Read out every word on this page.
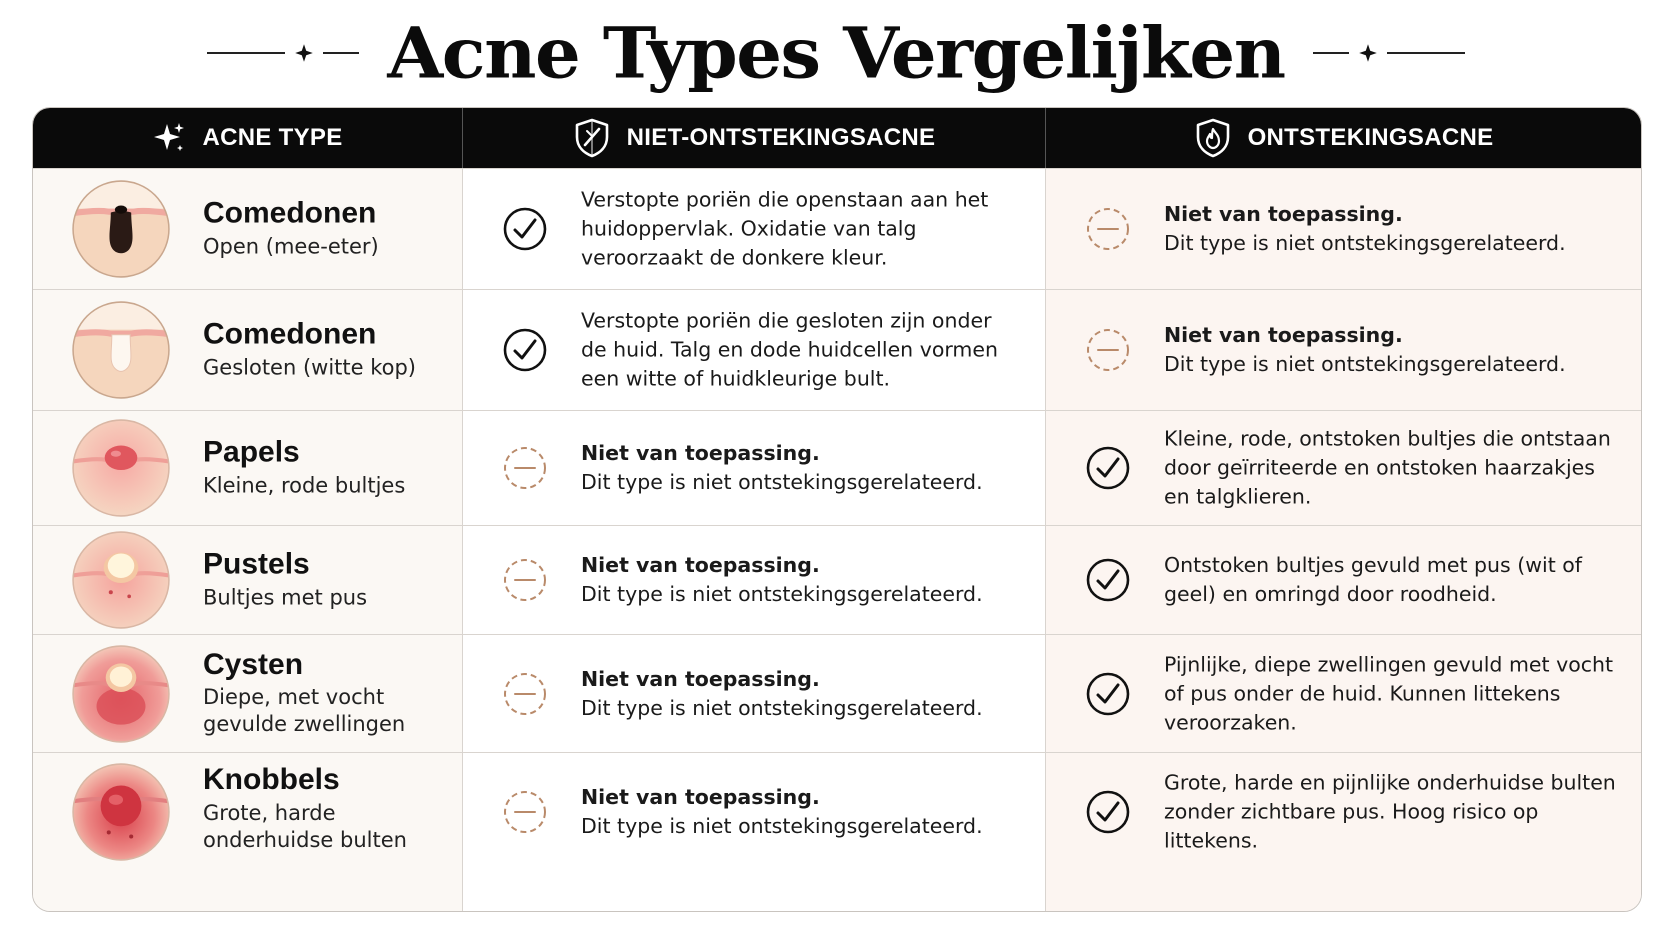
Acne Types Vergelijken
ACNE TYPE	NIET-ONTSTEKINGSACNE	ONTSTEKINGSACNE
Comedonen
Open (mee-eter)
Verstopte poriën die openstaan aan het huidoppervlak. Oxidatie van talg veroorzaakt de donkere kleur.
Niet van toepassing.
Dit type is niet ontstekingsgerelateerd.
Comedonen
Gesloten (witte kop)
Verstopte poriën die gesloten zijn onder de huid. Talg en dode huidcellen vormen een witte of huidkleurige bult.
Niet van toepassing.
Dit type is niet ontstekingsgerelateerd.
Papels
Kleine, rode bultjes
Niet van toepassing.
Dit type is niet ontstekingsgerelateerd.
Kleine, rode, ontstoken bultjes die ontstaan door geïrriteerde en ontstoken haarzakjes en talgklieren.
Pustels
Bultjes met pus
Niet van toepassing.
Dit type is niet ontstekingsgerelateerd.
Ontstoken bultjes gevuld met pus (wit of geel) en omringd door roodheid.
Cysten
Diepe, met vocht gevulde zwellingen
Niet van toepassing.
Dit type is niet ontstekingsgerelateerd.
Pijnlijke, diepe zwellingen gevuld met vocht of pus onder de huid. Kunnen littekens veroorzaken.
Knobbels
Grote, harde onderhuidse bulten
Niet van toepassing.
Dit type is niet ontstekingsgerelateerd.
Grote, harde en pijnlijke onderhuidse bulten zonder zichtbare pus. Hoog risico op littekens.
